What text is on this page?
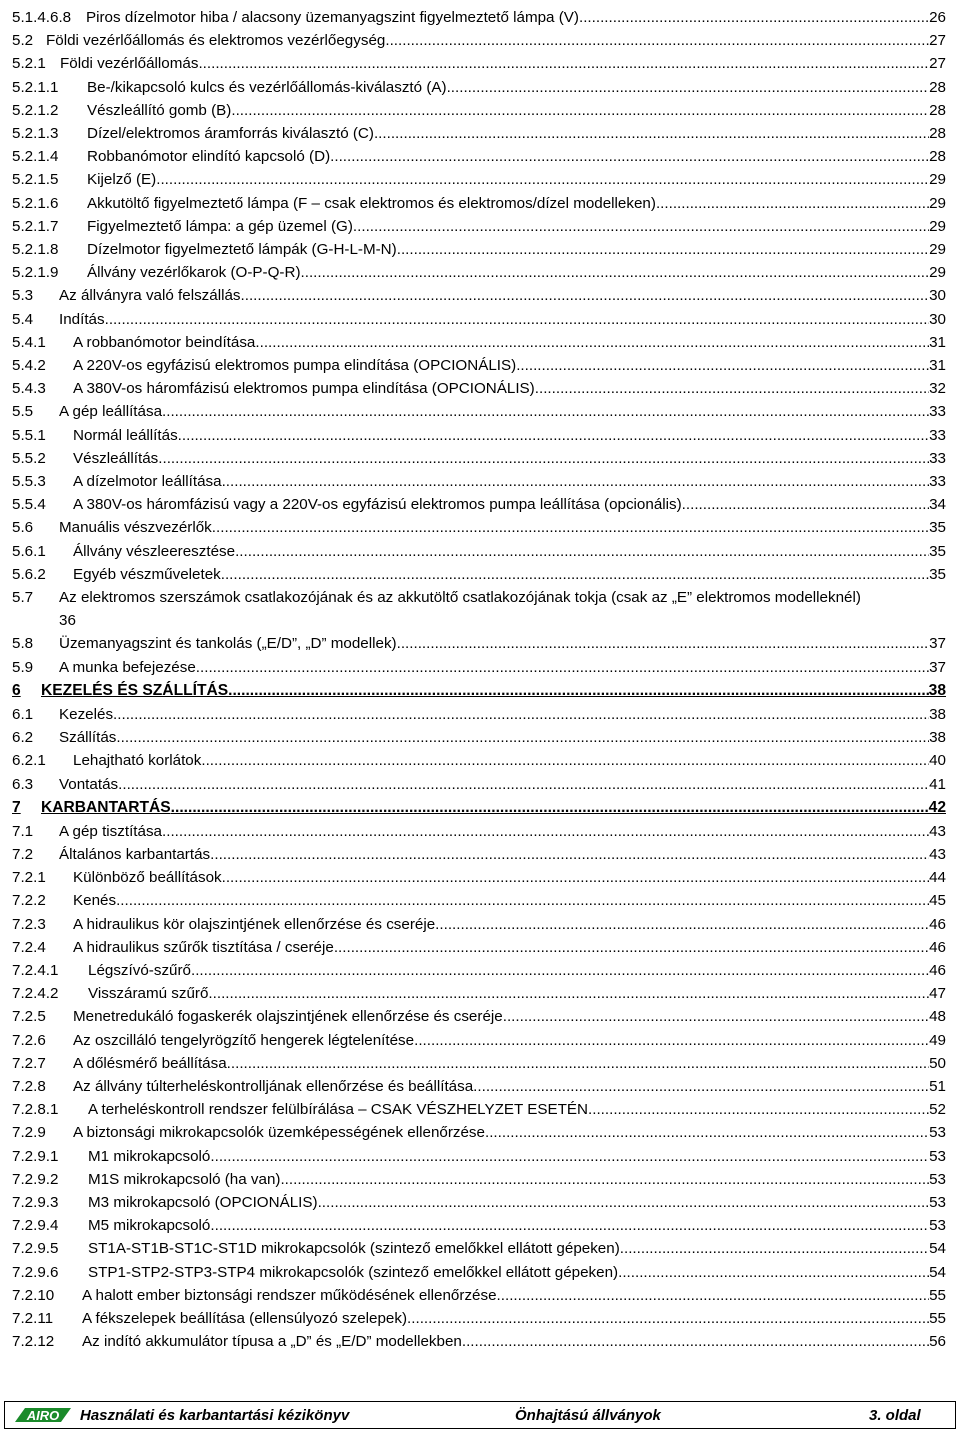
5.1.4.6.8 Piros dízelmotor hiba / alacsony üzemanyagszint figyelmeztető lámpa (V) .....	26
5.2 Földi vezérlőállomás és elektromos vezérlőegység .....	27
5.2.1 Földi vezérlőállomás .....	27
5.2.1.1	Be-/kikapcsoló kulcs és vezérlőállomás-kiválasztó (A) .....	28
5.2.1.2	Vészleállító gomb (B) .....	28
5.2.1.3	Dízel/elektromos áramforrás kiválasztó (C) .....	28
5.2.1.4	Robbanómotor elindító kapcsoló (D) .....	28
5.2.1.5	Kijelző (E) .....	29
5.2.1.6	Akkutöltő figyelmeztető lámpa (F – csak elektromos és elektromos/dízel modelleken) .....	29
5.2.1.7	Figyelmeztető lámpa: a gép üzemel (G) .....	29
5.2.1.8	Dízelmotor figyelmeztető lámpák (G-H-L-M-N) .....	29
5.2.1.9	Állvány vezérlőkarok (O-P-Q-R) .....	29
5.3	Az állványra való felszállás .....	30
5.4	Indítás .....	30
5.4.1	A robbanómotor beindítása .....	31
5.4.2	A 220V-os egyfázisú elektromos pumpa elindítása (OPCIONÁLIS) .....	31
5.4.3	A 380V-os háromfázisú elektromos pumpa elindítása (OPCIONÁLIS) .....	32
5.5	A gép leállítása .....	33
5.5.1	Normál leállítás .....	33
5.5.2	Vészleállítás .....	33
5.5.3	A dízelmotor leállítása .....	33
5.5.4	A 380V-os háromfázisú vagy a 220V-os egyfázisú elektromos pumpa leállítása (opcionális) .....	34
5.6	Manuális vészvezérlők .....	35
5.6.1	Állvány vészleeresztése .....	35
5.6.2	Egyéb vészműveletek .....	35
5.7 Az elektromos szerszámok csatlakozójának és az akkutöltő csatlakozójának tokja (csak az „E” elektromos modelleknél)
36
5.8	Üzemanyagszint és tankolás („E/D”, „D” modellek) .....	37
5.9	A munka befejezése .....	37
6	KEZELÉS ÉS SZÁLLÍTÁS .....	38
6.1	Kezelés .....	38
6.2	Szállítás .....	38
6.2.1	Lehajtható korlátok .....	40
6.3	Vontatás .....	41
7	KARBANTARTÁS .....	42
7.1	A gép tisztítása .....	43
7.2	Általános karbantartás .....	43
7.2.1	Különböző beállítások .....	44
7.2.2	Kenés .....	45
7.2.3	A hidraulikus kör olajszintjének ellenőrzése és cseréje .....	46
7.2.4	A hidraulikus szűrők tisztítása / cseréje .....	46
7.2.4.1	Légszívó-szűrő .....	46
7.2.4.2	Visszáramú szűrő .....	47
7.2.5	Menetredukáló fogaskerék olajszintjének ellenőrzése és cseréje .....	48
7.2.6	Az oszcilláló tengelyrögzítő hengerek légtelenítése .....	49
7.2.7	A dőlésmérő beállítása .....	50
7.2.8	Az állvány túlterheléskontrolljának ellenőrzése és beállítása .....	51
7.2.8.1	A terheléskontroll rendszer felülbírálása – CSAK VÉSZHELYZET ESETÉN .....	52
7.2.9	A biztonsági mikrokapcsolók üzemképességének ellenőrzése .....	53
7.2.9.1	M1 mikrokapcsoló .....	53
7.2.9.2	M1S mikrokapcsoló (ha van) .....	53
7.2.9.3	M3 mikrokapcsoló (OPCIONÁLIS) .....	53
7.2.9.4	M5 mikrokapcsoló .....	53
7.2.9.5	ST1A-ST1B-ST1C-ST1D mikrokapcsolók (szintező emelőkkel ellátott gépeken) .....	54
7.2.9.6	STP1-STP2-STP3-STP4 mikrokapcsolók (szintező emelőkkel ellátott gépeken) .....	54
7.2.10	A halott ember biztonsági rendszer működésének ellenőrzése .....	55
7.2.11	A fékszelepek beállítása (ellensúlyozó szelepek) .....	55
7.2.12	Az indító akkumulátor típusa a „D” és „E/D” modellekben .....	56
AIRO Használati és karbantartási kézikönyv	Önhajtású állványok	3. oldal
